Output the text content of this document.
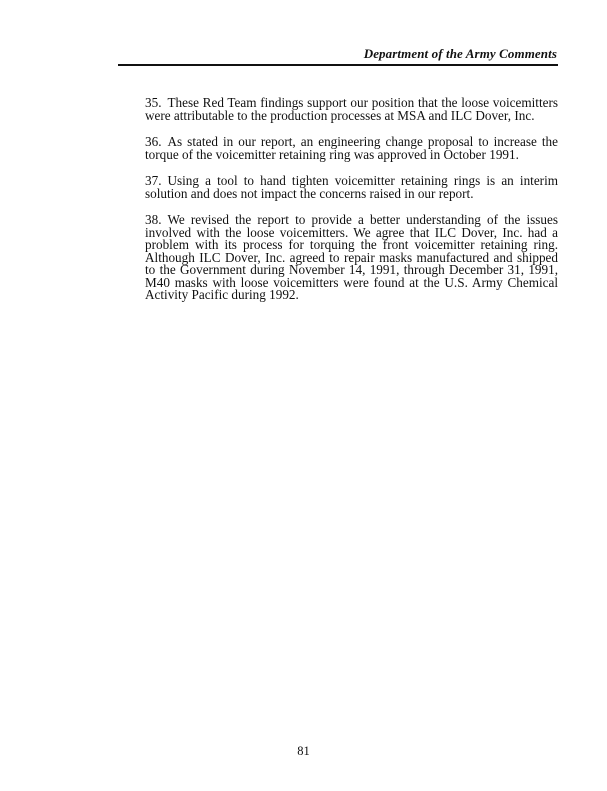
Department of the Army Comments

35. These Red Team findings support our position that the loose voicemitters were attributable to the production processes at MSA and ILC Dover, Inc.

36. As stated in our report, an engineering change proposal to increase the torque of the voicemitter retaining ring was approved in October 1991.

37. Using a tool to hand tighten voicemitter retaining rings is an interim solution and does not impact the concerns raised in our report.

38. We revised the report to provide a better understanding of the issues involved with the loose voicemitters. We agree that ILC Dover, Inc. had a problem with its process for torquing the front voicemitter retaining ring. Although ILC Dover, Inc. agreed to repair masks manufactured and shipped to the Government during November 14, 1991, through December 31, 1991, M40 masks with loose voicemitters were found at the U.S. Army Chemical Activity Pacific during 1992.

81
